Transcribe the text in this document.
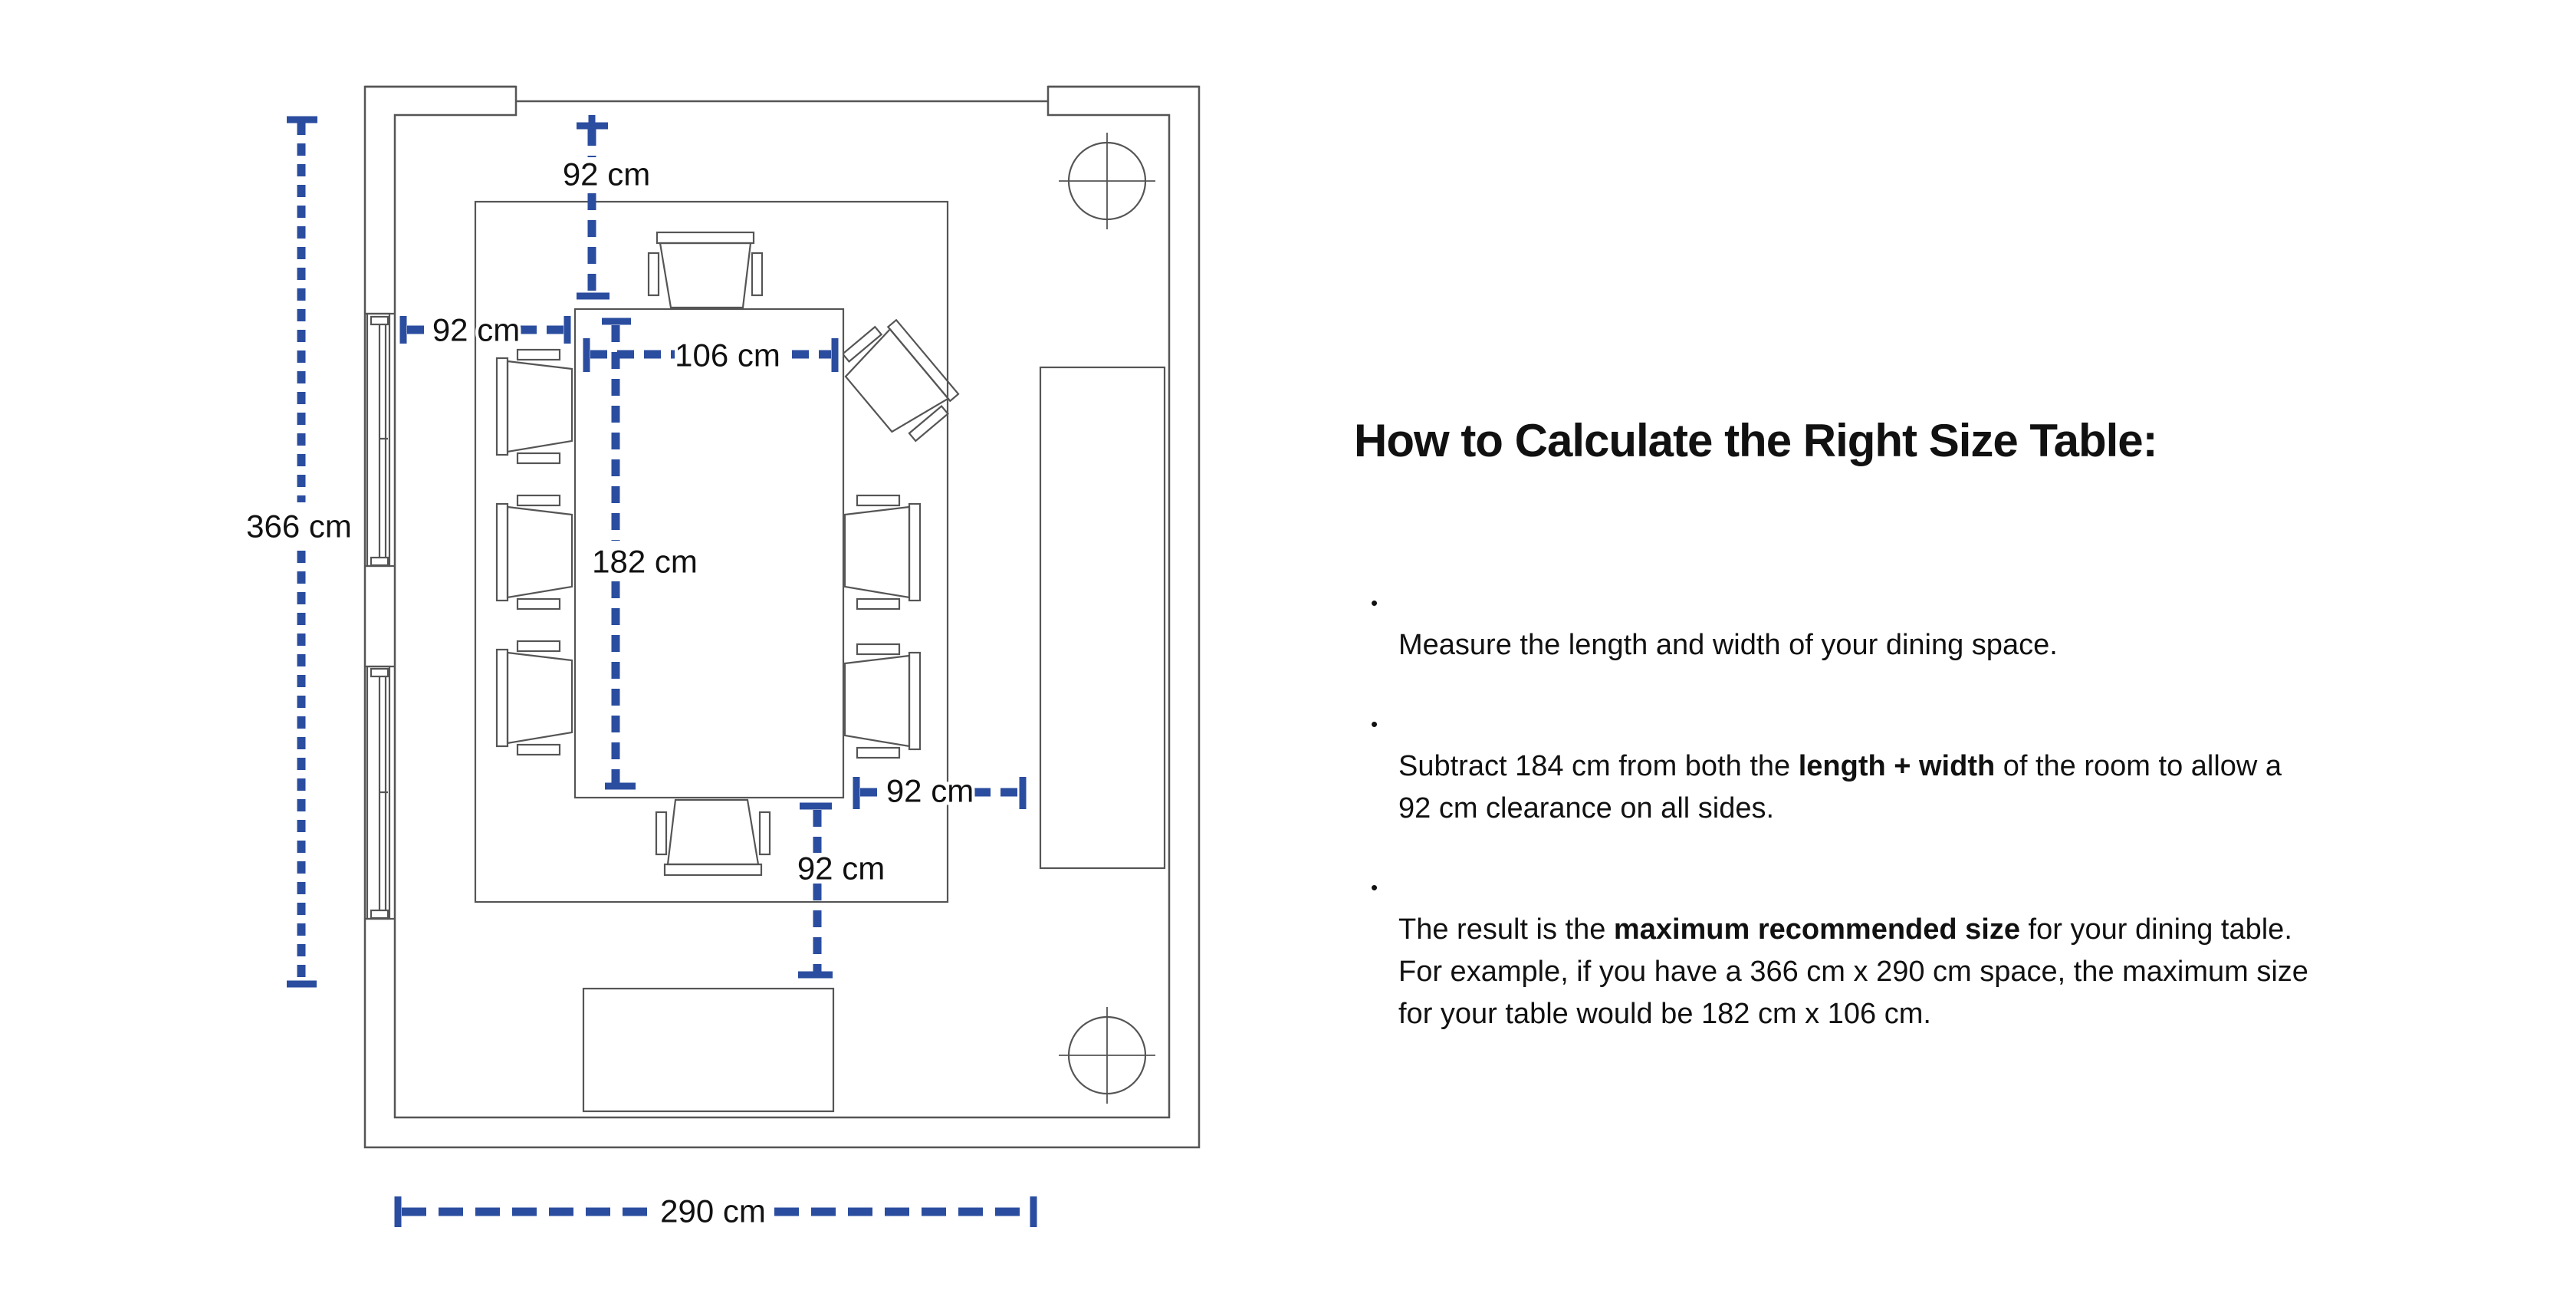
366 cm
290 cm
92 cm
92 cm
106 cm
182 cm
92 cm
92 cm
How to Calculate the Right Size Table:

•
Measure the length and width of your dining space.

•
Subtract 184 cm from both the length + width of the room to allow a
92 cm clearance on all sides.

•
The result is the maximum recommended size for your dining table.
For example, if you have a 366 cm x 290 cm space, the maximum size
for your table would be 182 cm x 106 cm.
